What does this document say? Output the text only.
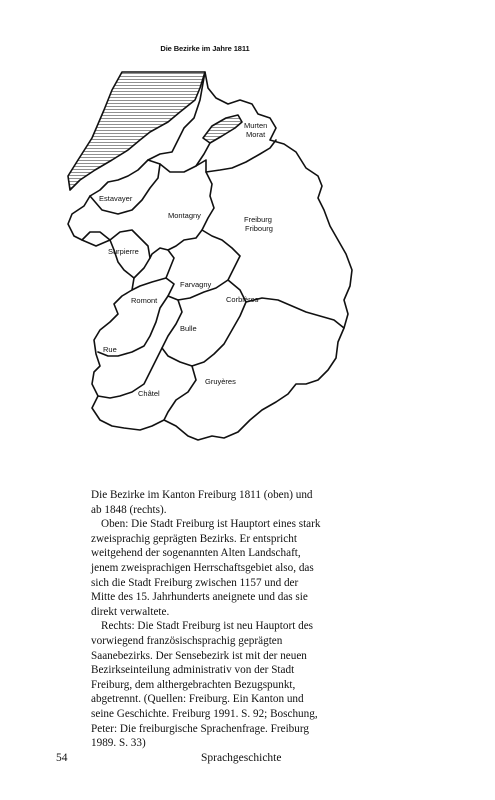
Die Bezirke im Jahre 1811
Murten
Morat
Estavayer
Montagny	Freiburg
Fribourg
Surpierre
Farvagny
Romont	Corbières
Bulle
Rue
Châtel
Gruyères

Die Bezirke im Kanton Freiburg 1811 (oben) und ab 1848 (rechts).

Oben: Die Stadt Freiburg ist Hauptort eines stark zweisprachig geprägten Bezirks. Er entspricht weitgehend der sogenannten Alten Landschaft, jenem zweisprachigen Herrschaftsgebiet also, das sich die Stadt Freiburg zwischen 1157 und der Mitte des 15. Jahrhunderts aneignete und das sie direkt verwaltete.

Rechts: Die Stadt Freiburg ist neu Hauptort des vorwiegend französischsprachig geprägten Saanebezirks. Der Sensebezirk ist mit der neuen Bezirkseinteilung administrativ von der Stadt Freiburg, dem althergebrachten Bezugspunkt, abgetrennt. (Quellen: Freiburg. Ein Kanton und seine Geschichte. Freiburg 1991. S. 92; Boschung, Peter: Die freiburgische Sprachenfrage. Freiburg 1989. S. 33)

54	Sprachgeschichte
